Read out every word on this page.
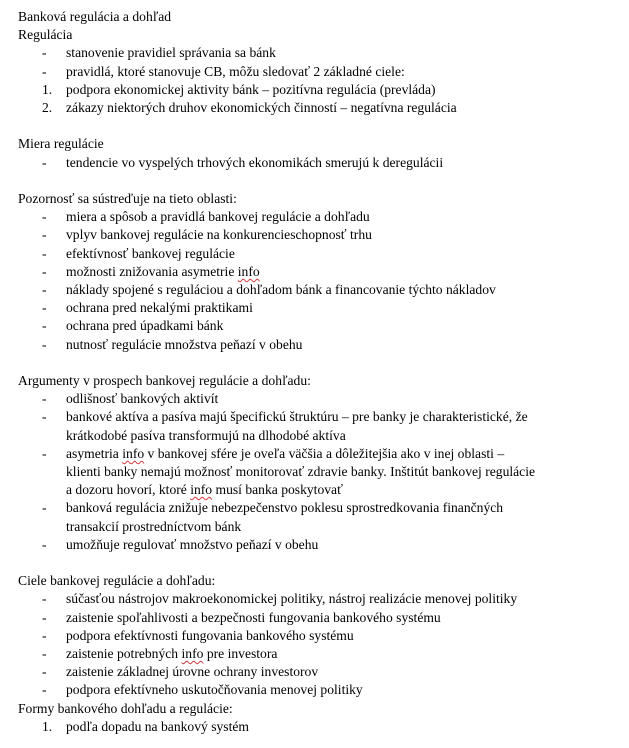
Banková regulácia a dohľad
Regulácia
- stanovenie pravidiel správania sa bánk
- pravidlá, ktoré stanovuje CB, môžu sledovať 2 základné ciele:
1. podpora ekonomickej aktivity bánk – pozitívna regulácia (prevláda)
2. zákazy niektorých druhov ekonomických činností – negatívna regulácia
Miera regulácie
- tendencie vo vyspelých trhových ekonomikách smerujú k deregulácii
Pozornosť sa sústreďuje na tieto oblasti:
- miera a spôsob a pravidlá bankovej regulácie a dohľadu
- vplyv bankovej regulácie na konkurencieschopnosť trhu
- efektívnosť bankovej regulácie
- možnosti znižovania asymetrie info
- náklady spojené s reguláciou a dohľadom bánk a financovanie týchto nákladov
- ochrana pred nekalými praktikami
- ochrana pred úpadkami bánk
- nutnosť regulácie množstva peňazí v obehu
Argumenty v prospech bankovej regulácie a dohľadu:
- odlišnosť bankových aktivít
- bankové aktíva a pasíva majú špecifickú štruktúru – pre banky je charakteristické, že
krátkodobé pasíva transformujú na dlhodobé aktíva
- asymetria info v bankovej sfére je oveľa väčšia a dôležitejšia ako v inej oblasti –
klienti banky nemajú možnosť monitorovať zdravie banky. Inštitút bankovej regulácie
a dozoru hovorí, ktoré info musí banka poskytovať
- banková regulácia znižuje nebezpečenstvo poklesu sprostredkovania finančných
transakcií prostredníctvom bánk
- umožňuje regulovať množstvo peňazí v obehu
Ciele bankovej regulácie a dohľadu:
- súčasťou nástrojov makroekonomickej politiky, nástroj realizácie menovej politiky
- zaistenie spoľahlivosti a bezpečnosti fungovania bankového systému
- podpora efektívnosti fungovania bankového systému
- zaistenie potrebných info pre investora
- zaistenie základnej úrovne ochrany investorov
- podpora efektívneho uskutočňovania menovej politiky
Formy bankového dohľadu a regulácie:
1. podľa dopadu na bankový systém
